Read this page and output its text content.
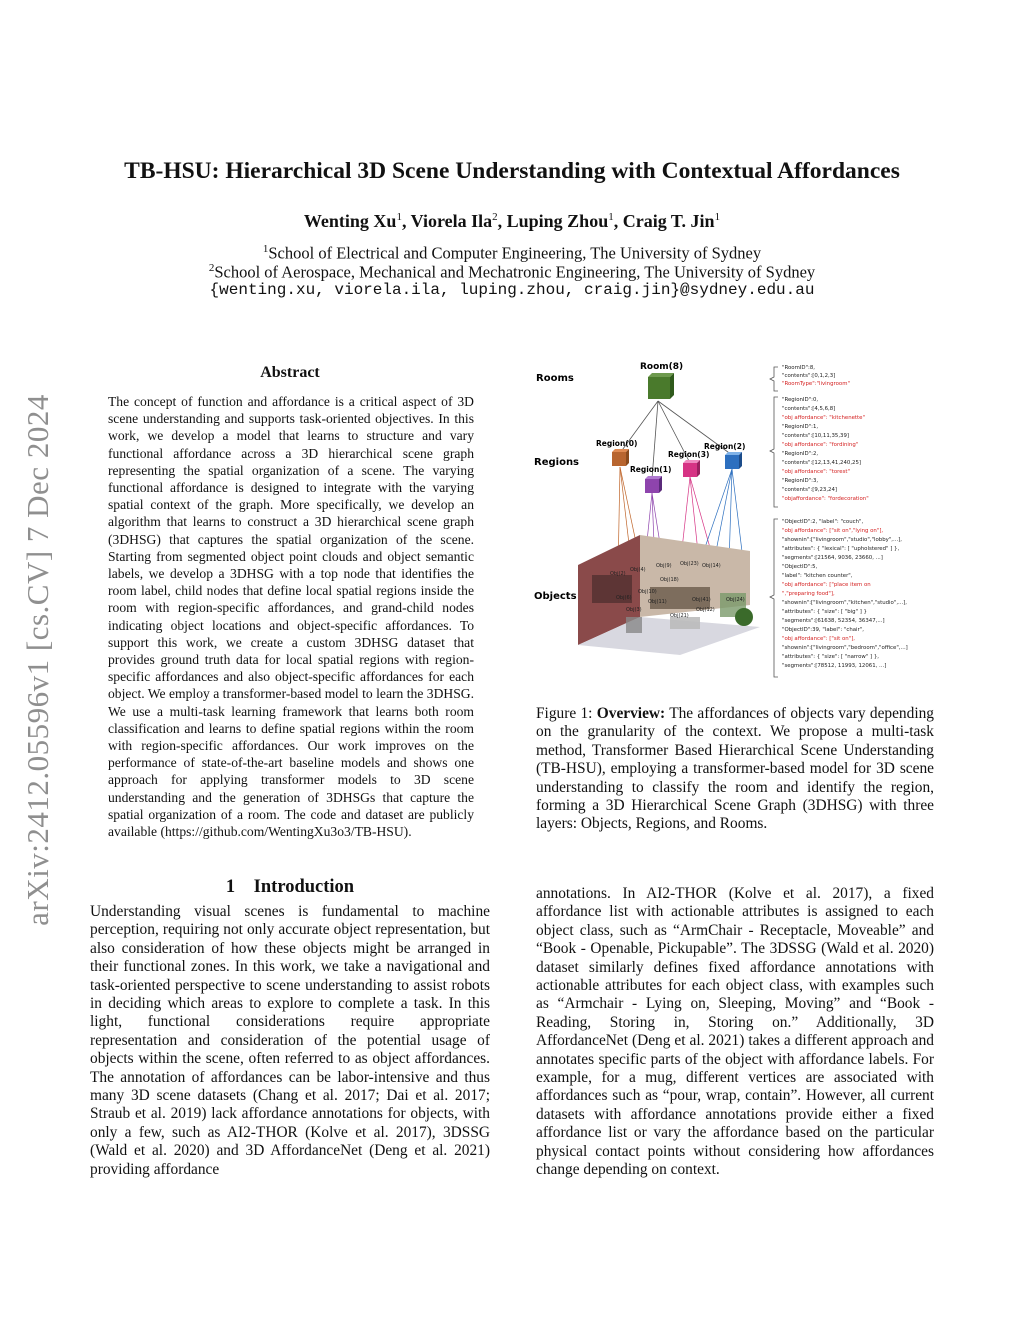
arXiv:2412.05596v1 [cs.CV] 7 Dec 2024
TB-HSU: Hierarchical 3D Scene Understanding with Contextual Affordances
Wenting Xu$^1$, Viorela Ila$^2$, Luping Zhou$^1$, Craig T. Jin$^1$
$^1$School of Electrical and Computer Engineering, The University of Sydney
$^2$School of Aerospace, Mechanical and Mechatronic Engineering, The University of Sydney
{wenting.xu, viorela.ila, luping.zhou, craig.jin}@sydney.edu.au
Abstract
The concept of function and affordance is a critical aspect of 3D scene understanding and supports task-oriented objectives. In this work, we develop a model that learns to structure and vary functional affordance across a 3D hierarchical scene graph representing the spatial organization of a scene. The varying functional affordance is designed to integrate with the varying spatial context of the graph. More specifically, we develop an algorithm that learns to construct a 3D hierarchical scene graph (3DHSG) that captures the spatial organization of the scene. Starting from segmented object point clouds and object semantic labels, we develop a 3DHSG with a top node that identifies the room label, child nodes that define local spatial regions inside the room with region-specific affordances, and grand-child nodes indicating object locations and object-specific affordances. To support this work, we create a custom 3DHSG dataset that provides ground truth data for local spatial regions with region-specific affordances and also object-specific affordances for each object. We employ a transformer-based model to learn the 3DHSG. We use a multi-task learning framework that learns both room classification and learns to define spatial regions within the room with region-specific affordances. Our work improves on the performance of state-of-the-art baseline models and shows one approach for applying transformer models to 3D scene understanding and the generation of 3DHSGs that capture the spatial organization of a room. The code and dataset are publicly available (https://github.com/WentingXu3o3/TB-HSU).
Rooms
Regions
Objects
Room(8)
Region(0)
Region(1)
Region(3)
Region(2)
Obj(2)
Obj(4)
Obj(9) Obj(23) Obj(14)
Obj(18)
Obj(10)
Obj(6)
Obj(11)
Obj(3)
Obj(41)	Obj(24)
Obj(12)
Obj(21)
"RoomID":8,
"contents":[0,1,2,3]
"RoomType":"livingroom"
"RegionID":0,
"contents":[4,5,6,8]
"obj affordance": "kitchenette"
"RegionID":1,
"contents":[10,11,35,39]
"obj affordance": "fordining"
"RegionID":2,
"contents":[12,13,41,240,25]
"obj affordance": "torest"
"RegionID":3,
"contents":[9,23,24]
"objaffordance": "fordecoration"
"ObjectID":2, "label": "couch",
"obj affordance": ["sit on","lying on"],
"shownin":["livingroom","studio","lobby",...],
"attributes": { "lexical": [ "upholstered" ] },
"segments":[21564, 9036, 23660, ...]
"ObjectID":5,
"label": "kitchen counter",
"obj affordance": ["place item on
","preparing food"],
"shownin":["livingroom","kitchen","studio",...],
"attributes": { "size": [ "big" ] }
"segments":[61638, 52354, 36347,...]
"ObjectID":39, "label": "chair",
"obj affordance": ["sit on"],
"shownin":["livingroom","bedroom","office",...]
"attributes": { "size": [ "narrow" ] },
"segments":[78512, 11993, 12061, ...]
Figure 1: Overview: The affordances of objects vary depending on the granularity of the context. We propose a multi-task method, Transformer Based Hierarchical Scene Understanding (TB-HSU), employing a transformer-based model for 3D scene understanding to classify the room and identify the region, forming a 3D Hierarchical Scene Graph (3DHSG) with three layers: Objects, Regions, and Rooms.
1    Introduction
Understanding visual scenes is fundamental to machine perception, requiring not only accurate object representation, but also consideration of how these objects might be arranged in their functional zones. In this work, we take a navigational and task-oriented perspective to scene understanding to assist robots in deciding which areas to explore to complete a task. In this light, functional considerations require appropriate representation and consideration of the potential usage of objects within the scene, often referred to as object affordances. The annotation of affordances can be labor-intensive and thus many 3D scene datasets (Chang et al. 2017; Dai et al. 2017; Straub et al. 2019) lack affordance annotations for objects, with only a few, such as AI2-THOR (Kolve et al. 2017), 3DSSG (Wald et al. 2020) and 3D AffordanceNet (Deng et al. 2021) providing affordance
annotations. In AI2-THOR (Kolve et al. 2017), a fixed affordance list with actionable attributes is assigned to each object class, such as “ArmChair - Receptacle, Moveable” and “Book - Openable, Pickupable”. The 3DSSG (Wald et al. 2020) dataset similarly defines fixed affordance annotations with actionable attributes for each object class, with examples such as “Armchair - Lying on, Sleeping, Moving” and “Book - Reading, Storing in, Storing on.” Additionally, 3D AffordanceNet (Deng et al. 2021) takes a different approach and annotates specific parts of the object with affordance labels. For example, for a mug, different vertices are associated with affordances such as “pour, wrap, contain”. However, all current datasets with affordance annotations provide either a fixed affordance list or vary the affordance based on the particular physical contact points without considering how affordances change depending on context.
